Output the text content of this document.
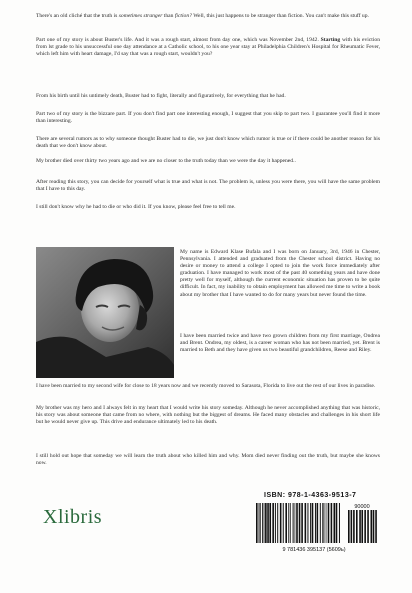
There's an old cliché that the truth is sometimes stranger than fiction? Well, this just happens to be stranger than fiction. You can't make this stuff up.

Part one of my story is about Buster's life. And it was a rough start, almost from day one, which was November 2nd, 1942. Starting with his eviction from lst grade to his unsuccessful one day attendance at a Catholic school, to his one year stay at Philadelphia Children's Hospital for Rheumatic Fever, which left him with heart damage, I'd say that was a rough start, wouldn't you?

From his birth until his untimely death, Buster had to fight, literally and figuratively, for everything that he had.

Part two of my story is the bizzare part. If you don't find part one interesting enough, I suggest that you skip to part two. I guarantee you'll find it more than interesting.

There are several rumors as to why someone thought Buster had to die, we just don't know which rumor is true or if there could be another reason for his death that we don't know about.

My brother died over thirty two years ago and we are no closer to the truth today than we were the day it happened..

After reading this story, you can decide for yourself what is true and what is not. The problem is, unless you were there, you will have the same problem that I have to this day.

I still don't know why he had to die or who did it. If you know, please feel free to tell me.

My name is Edward Klase Bufala and I was born on January, 3rd, 1946 in Chester, Pennsylvania. I attended and graduated from the Chester school district. Having no desire or money to attend a college I opted to join the work force immediately after graduation. I have managed to work most of the past 40 something years and have done pretty well for myself, although the current economic situation has proven to be quite difficult. In fact, my inability to obtain employment has allowed me time to write a book about my brother that I have wanted to do for many years but never found the time.

I have been married twice and have two grown children from my first marriage, Ondrea and Brent. Ondrea, my oldest, is a career woman who has not been married, yet. Brent is married to Beth and they have given us two beautiful grandchildren, Reese and Riley.

I have been married to my second wife for close to 18 years now and we recently moved to Sarasota, Florida to live out the rest of our lives in paradise.

My brother was my hero and I always felt in my heart that I would write his story someday. Although he never accomplished anything that was historic, his story was about someone that came from no where, with nothing but the biggest of dreams. He faced many obstacles and challenges in his short life but he would never give up. This drive and endurance ultimately led to his death.

I still hold out hope that someday we will learn the truth about who killed him and why. Mom died never finding out the truth, but maybe she knows now.

ISBN: 978-1-4363-9513-7
90000
9 781436 395137 (5609ь)
Xlibris
